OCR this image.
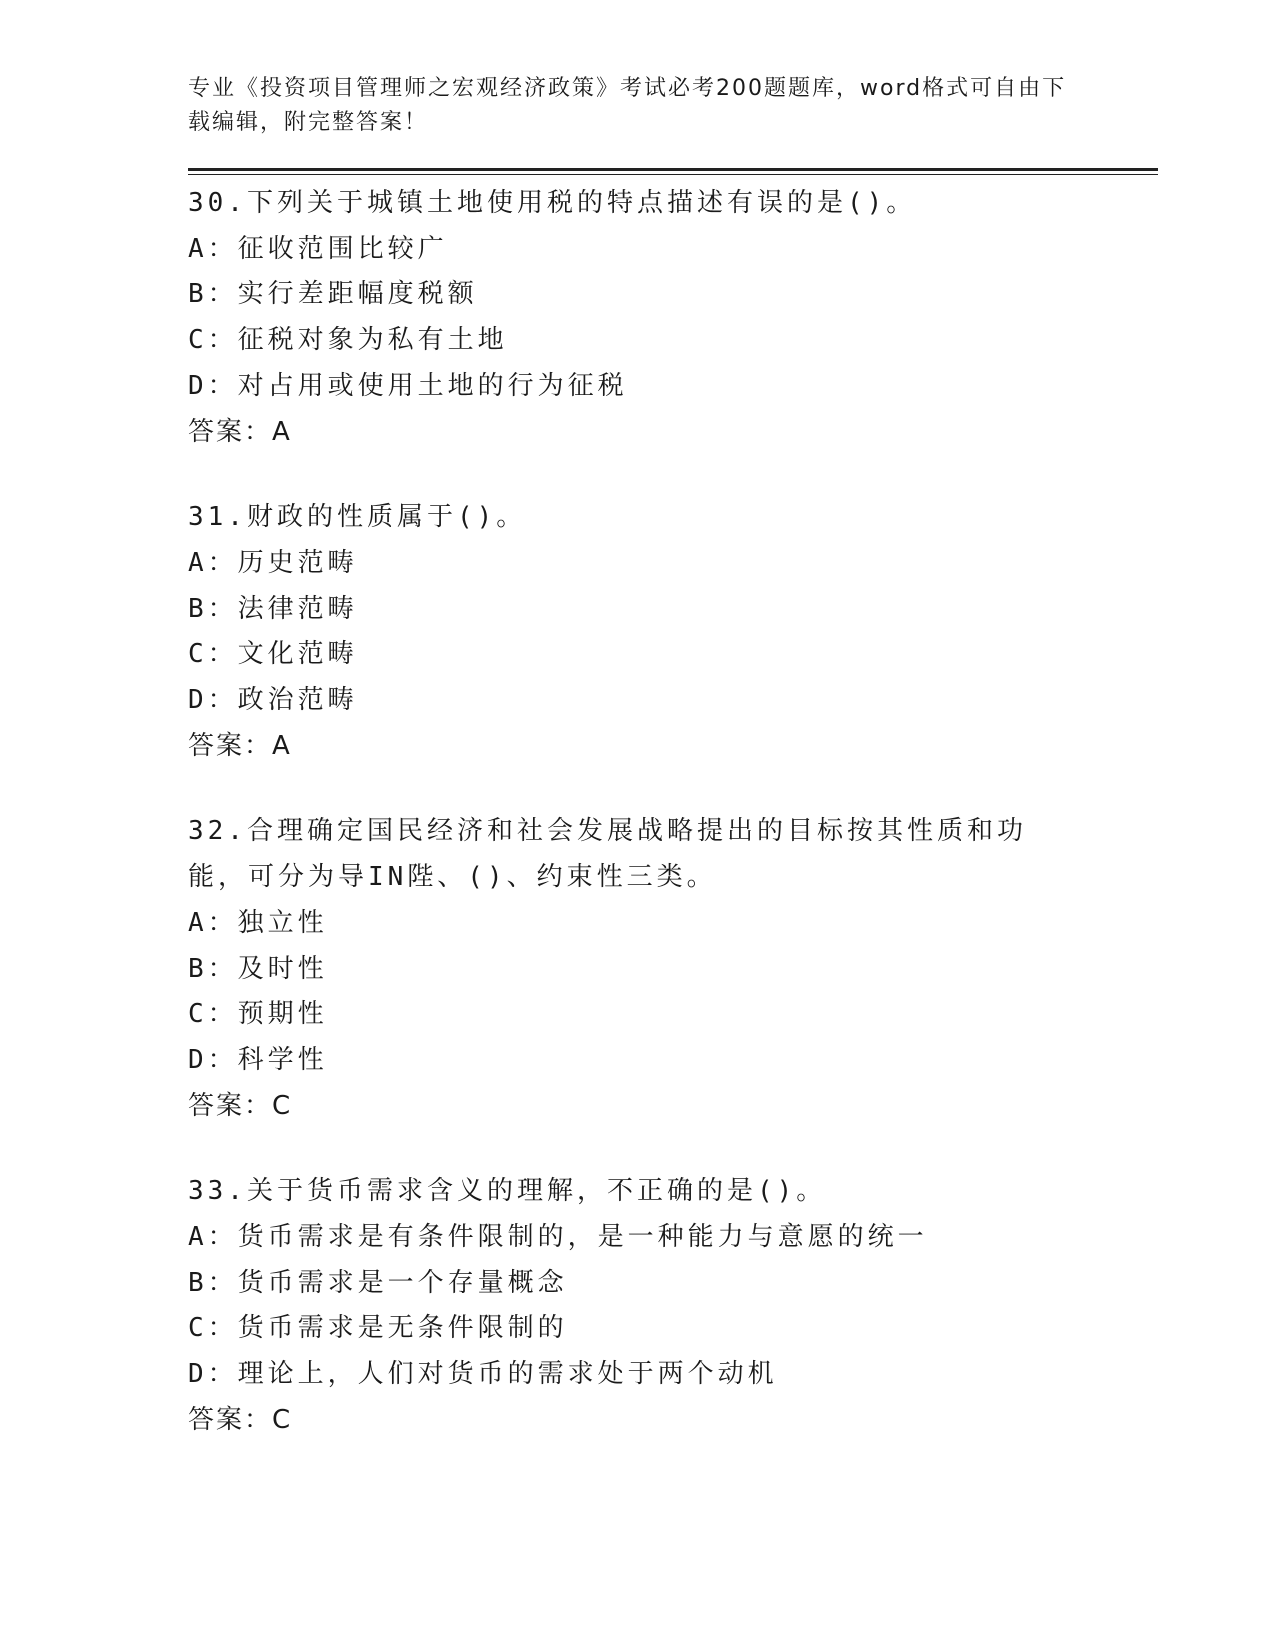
专业《投资项目管理师之宏观经济政策》考试必考200题题库，word格式可自由下载编辑，附完整答案！
30.下列关于城镇土地使用税的特点描述有误的是()。
A：征收范围比较广
B：实行差距幅度税额
C：征税对象为私有土地
D：对占用或使用土地的行为征税
答案：A
31.财政的性质属于()。
A：历史范畴
B：法律范畴
C：文化范畴
D：政治范畴
答案：A
32.合理确定国民经济和社会发展战略提出的目标按其性质和功能，可分为导IN陛、()、约束性三类。
A：独立性
B：及时性
C：预期性
D：科学性
答案：C
33.关于货币需求含义的理解，不正确的是()。
A：货币需求是有条件限制的，是一种能力与意愿的统一
B：货币需求是一个存量概念
C：货币需求是无条件限制的
D：理论上，人们对货币的需求处于两个动机
答案：C
